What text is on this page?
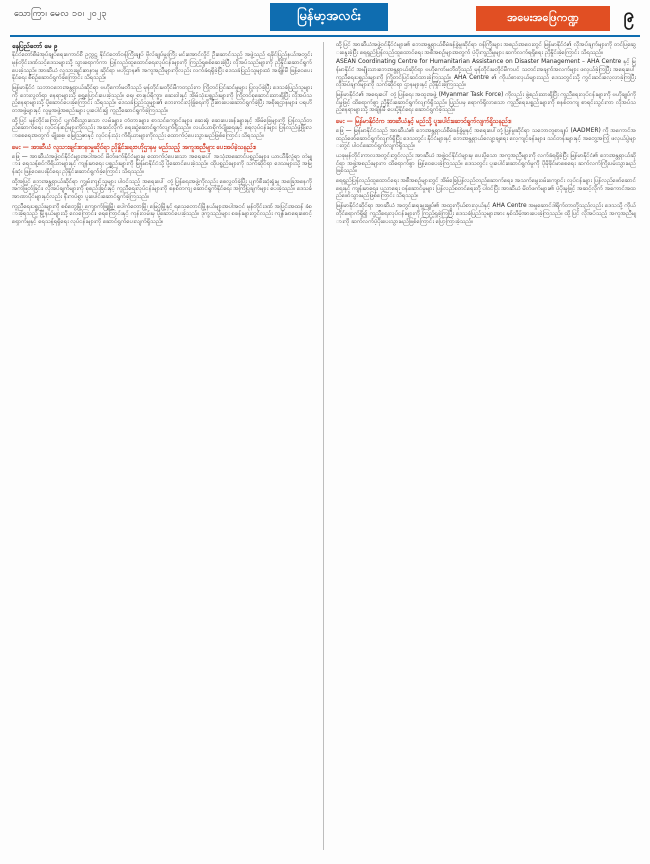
သောကြာ၊ မေလ ၁၀၊ ၂၀၂၃	မြန်မာ့အလင်း	အမေးအဖြေကဏ္ဍ	၉
နေပြည်တော် မေ ၉

နိုင်ငံတော်စီမံအုပ်ချုပ်ရေးကောင်စီ ဥက္ကဋ္ဌ နိုင်ငံတော်ဝန်ကြီးချုပ် ဗိုလ်ချုပ်မှူးကြီး မင်းအောင်လှိုင် ဦးဆောင်သည့် အဖွဲ့သည် ရခိုင်ပြည်နယ်အတွင်း မုန်တိုင်းဒဏ်သင့်ဒေသများသို့ သွားရောက်ကာ ပြန်လည်ထူထောင်ရေးလုပ်ငန်းများကို ကြည့်ရှုစစ်ဆေးခဲ့ပြီး လိုအပ်သည်များကို ညှိနှိုင်းဆောင်ရွက်ပေးခဲ့သည်။ အာဆီယံ လူသားချင်းစာနာမှု ဆိုင်ရာ ဗဟိုဌာန၏ အကူအညီများကိုလည်း လက်ခံရရှိခဲ့ပြီး ဒေသခံပြည်သူများထံ အချိန်မီ ဖြန့်ဝေပေးနိုင်ရေး စီစဉ်ဆောင်ရွက်ခဲ့ကြောင်း သိရသည်။

မြန်မာနိုင်ငံ သဘာဝဘေးအန္တရာယ်ဆိုင်ရာ ဗဟိုကော်မတီသည် မုန်တိုင်းမတိုင်မီကတည်းက ကြိုတင်ပြင်ဆင်မှုများ ပြုလုပ်ခဲ့ပြီး ဒေသခံပြည်သူများကို ဘေးလွတ်ရာ နေရာများသို့ ရွှေ့ပြောင်းပေးခဲ့သည်။ ရေ၊ စားနပ်ရိက္ခာ၊ ဆေးဝါးနှင့် အိမ်သုံးပစ္စည်းများကို ကြိုတင်စုဆောင်းထားရှိပြီး လိုအပ်သည့်နေရာများသို့ ပို့ဆောင်ပေးခဲ့ကြောင်း သိရသည်။ ဒေသခံပြည်သူများ၏ ဘေးကင်းလုံခြုံရေးကို ဦးစားပေးဆောင်ရွက်ခဲ့ပြီး အစိုးရဌာနများ၊ ပရဟိတအဖွဲ့များနှင့် လူမှုအဖွဲ့အစည်းများ ပူးပေါင်း၍ ကူညီဆောင်ရွက်ခဲ့ကြသည်။

ထို့ပြင် မုန်တိုင်းကြောင့် ပျက်စီးသွားသော လမ်းများ၊ တံတားများ၊ စာသင်ကျောင်းများ၊ ဆေးရုံ၊ ဆေးပေးခန်းများနှင့် အိမ်ခြေများကို ပြန်လည်တည်ဆောက်ရေး လုပ်ငန်းစဉ်များကိုလည်း အဆင့်လိုက် ရေးဆွဲဆောင်ရွက်လျက်ရှိသည်။ လယ်ယာစိုက်ပျိုးရေးနှင့် ရေလုပ်ငန်းများ ပြန်လည်ဖွံ့ဖြိုးလာစေရေးအတွက် မျိုးစေ့၊ မြေဩဇာနှင့် လုပ်ငန်းသုံး ကိရိယာများကိုလည်း ထောက်ပံ့ပေးသွားမည်ဖြစ်ကြောင်း သိရသည်။

မေး — အာဆီယံ လူသားချင်းစာနာမှုဆိုင်ရာ ညှိနှိုင်းရေးဗဟိုဌာနမှ မည်သည့် အကူအညီများ ပေးအပ်ခဲ့သနည်း။

ဖြေ — အာဆီယံအဖွဲ့ဝင်နိုင်ငံများအပါအဝင် မိတ်ဖက်နိုင်ငံများမှ ထောက်ပံ့ပေးသော အရေးပေါ် အသုံးအဆောင်ပစ္စည်းများ၊ ယာယီခိုလှုံရာ တဲများ၊ ရေသန့်စင်ကိရိယာများနှင့် ကျန်းမာရေး ပစ္စည်းများကို မြန်မာနိုင်ငံသို့ ပို့ဆောင်ပေးခဲ့သည်။ ထိုပစ္စည်းများကို သက်ဆိုင်ရာ ဒေသများသို့ အမြန်ဆုံး ဖြန့်ဝေပေးနိုင်ရေး ညှိနှိုင်းဆောင်ရွက်ခဲ့ကြောင်း သိရသည်။

ထို့အပြင် ဘေးအန္တရာယ်ဆိုင်ရာ ကျွမ်းကျင်သူများ ပါဝင်သည့် အရေးပေါ် တုံ့ပြန်ရေးအဖွဲ့ကိုလည်း စေလွှတ်ခဲ့ပြီး ပျက်စီးဆုံးရှုံးမှု အခြေအနေကို အကဲဖြတ်ခြင်း၊ လိုအပ်ချက်များကို စုစည်းခြင်းနှင့် ကူညီရေးလုပ်ငန်းများကို စနစ်တကျ ဆောင်ရွက်နိုင်ရေး အကြံပြုချက်များ ပေးခဲ့သည်။ ဒေသခံ အာဏာပိုင်များနှင့်လည်း နီးကပ်စွာ ပူးပေါင်းဆောင်ရွက်ခဲ့ကြသည်။

ကူညီရေးပစ္စည်းများကို စစ်တွေမြို့၊ ကျောက်ဖြူမြို့၊ ပေါက်တောမြို့၊ မြေပုံမြို့နှင့် ရသေ့တောင်မြို့နယ်များအပါအဝင် မုန်တိုင်းဒဏ် အပြင်းအထန် ခံစားခဲ့ရသည့် မြို့နယ်များသို့ လေကြောင်း၊ ရေကြောင်းနှင့် ကုန်းလမ်းမှ ပို့ဆောင်ပေးခဲ့သည်။ ဒုက္ခသည်များ စခန်းများတွင်လည်း ကျန်းမာရေးစောင့်ရှောက်မှုနှင့် ရေသန့်ရရှိရေး လုပ်ငန်းများကို ဆောင်ရွက်ပေးလျက်ရှိသည်။

ထို့ပြင် အာဆီယံအဖွဲ့ဝင်နိုင်ငံများ၏ ဘေးအန္တရာယ်စီမံခန့်ခွဲမှုဆိုင်ရာ ဝန်ကြီးများ အစည်းအဝေးတွင် မြန်မာနိုင်ငံ၏ လိုအပ်ချက်များကို တင်ပြဆွေးနွေးခဲ့ပြီး ရေရှည်ပြန်လည်ထူထောင်ရေး အစီအစဉ်များအတွက် ပံ့ပိုးကူညီမှုများ ဆက်လက်ရရှိရေး ညှိနှိုင်းခဲ့ကြောင်း သိရသည်။

ASEAN Coordinating Centre for Humanitarian Assistance on Disaster Management – AHA Centre နှင့် မြန်မာနိုင်ငံ အမျိုးသားဘေးအန္တရာယ်ဆိုင်ရာ ဗဟိုကော်မတီတို့သည် မုန်တိုင်းမတိုင်မီကပင် သတင်းအချက်အလက်များ ဖလှယ်ခဲ့ကြပြီး အရေးပေါ် ကူညီရေးပစ္စည်းများကို ကြိုတင်ပြင်ဆင်ထားခဲ့ကြသည်။ AHA Centre ၏ ကိုယ်စားလှယ်များသည် ဒေသတွင်းသို့ ကွင်းဆင်းလေ့လာခဲ့ကြပြီး လိုအပ်ချက်များကို သက်ဆိုင်ရာ ဌာနများနှင့် ညှိနှိုင်းခဲ့ကြသည်။

မြန်မာနိုင်ငံ၏ အရေးပေါ် တုံ့ပြန်ရေး အထူးအဖွဲ့ (Myanmar Task Force) ကိုလည်း ဖွဲ့စည်းထားရှိပြီး ကူညီရေးလုပ်ငန်းများကို ဗဟိုချုပ်ကိုင်မှုဖြင့် ထိရောက်စွာ ညှိနှိုင်းဆောင်ရွက်လျက်ရှိသည်။ ပြည်ပမှ ရောက်ရှိလာသော ကူညီရေးပစ္စည်းများကို စနစ်တကျ စာရင်းသွင်းကာ လိုအပ်သည့်နေရာများသို့ အချိန်မီ ပေးပို့နိုင်ရေး ဆောင်ရွက်ခဲ့သည်။

မေး — မြန်မာနိုင်ငံက အာဆီယံနှင့် မည်သို့ ပူးပေါင်းဆောင်ရွက်လျက်ရှိသနည်း။

ဖြေ — မြန်မာနိုင်ငံသည် အာဆီယံ၏ ဘေးအန္တရာယ်စီမံခန့်ခွဲမှုနှင့် အရေးပေါ်တုံ့ပြန်မှုဆိုင်ရာ သဘောတူစာချုပ် (AADMER) ကို အကောင်အထည်ဖော်ဆောင်ရွက်လျက်ရှိပြီး ဒေသတွင်း နိုင်ငံများနှင့် ဘေးအန္တရာယ်လျော့ချရေး လေ့ကျင့်ခန်းများ၊ သင်တန်းများနှင့် အတွေ့အကြုံ ဖလှယ်ပွဲများတွင် ပါဝင်ဆောင်ရွက်လျက်ရှိသည်။

ယခုမုန်တိုင်းကာလအတွင်းတွင်လည်း အာဆီယံ အဖွဲ့ဝင်နိုင်ငံများမှ ပေးပို့သော အကူအညီများကို လက်ခံရရှိခဲ့ပြီး မြန်မာနိုင်ငံ၏ ဘေးအန္တရာယ်ဆိုင်ရာ အဖွဲ့အစည်းများက ထိရောက်စွာ ဖြန့်ဝေပေးခဲ့ကြသည်။ ဒေသတွင်း ပူးပေါင်းဆောင်ရွက်မှုကို ပိုမိုခိုင်မာစေရေး ဆက်လက်ကြိုးပမ်းသွားမည် ဖြစ်သည်။

ရေရှည်ပြန်လည်ထူထောင်ရေး အစီအစဉ်များတွင် အိမ်ခြေပြန်လည်တည်ဆောက်ရေး၊ အသက်မွေးဝမ်းကျောင်း လုပ်ငန်းများ ပြန်လည်ဖော်ဆောင်ရေးနှင့် ကျန်းမာရေး၊ ပညာရေး ဝန်ဆောင်မှုများ ပြန်လည်စတင်ရေးတို့ ပါဝင်ပြီး အာဆီယံ မိတ်ဖက်များ၏ ပံ့ပိုးမှုဖြင့် အဆင့်လိုက် အကောင်အထည်ဖော်သွားမည်ဖြစ်ကြောင်း သိရသည်။

မြန်မာနိုင်ငံဆိုင်ရာ အာဆီယံ အတွင်းရေးမှူးချုပ်၏ အထူးကိုယ်စားလှယ်နှင့် AHA Centre အမှုဆောင်ဒါရိုက်တာတို့သည်လည်း ဒေသသို့ ကိုယ်တိုင်ရောက်ရှိ၍ ကူညီရေးလုပ်ငန်းများကို ကြည့်ရှုခဲ့ကြပြီး ဒေသခံပြည်သူများအား နှစ်သိမ့်အားပေးခဲ့ကြသည်။ ထို့ပြင် လိုအပ်သည့် အကူအညီများကို ဆက်လက်ပံ့ပိုးပေးသွားမည်ဖြစ်ကြောင်း ပြောကြားခဲ့သည်။
